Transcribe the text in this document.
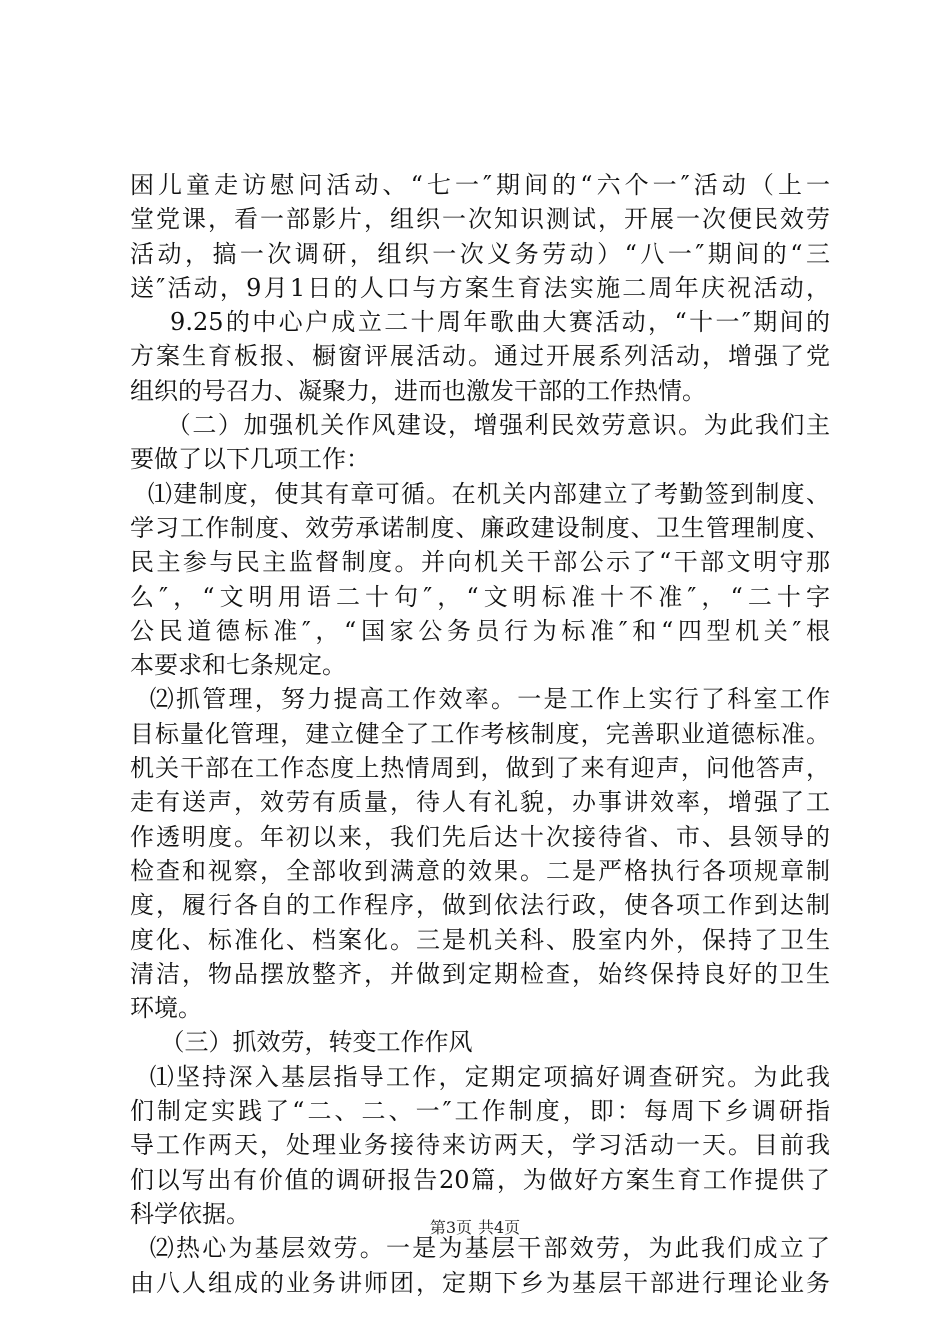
困儿童走访慰问活动、“七一″期间的“六个一″活动（上一
堂党课，看一部影片，组织一次知识测试，开展一次便民效劳
活动，搞一次调研，组织一次义务劳动）“八一″期间的“三
送″活动，9月1日的人口与方案生育法实施二周年庆祝活动，
9.25的中心户成立二十周年歌曲大赛活动，“十一″期间的
方案生育板报、橱窗评展活动。通过开展系列活动，增强了党
组织的号召力、凝聚力，进而也激发干部的工作热情。
（二）加强机关作风建设，增强利民效劳意识。为此我们主
要做了以下几项工作：
⑴建制度，使其有章可循。在机关内部建立了考勤签到制度、
学习工作制度、效劳承诺制度、廉政建设制度、卫生管理制度、
民主参与民主监督制度。并向机关干部公示了“干部文明守那
么″，“文明用语二十句″，“文明标准十不准″，“二十字
公民道德标准″，“国家公务员行为标准″和“四型机关″根
本要求和七条规定。
⑵抓管理，努力提高工作效率。一是工作上实行了科室工作
目标量化管理，建立健全了工作考核制度，完善职业道德标准。
机关干部在工作态度上热情周到，做到了来有迎声，问他答声，
走有送声，效劳有质量，待人有礼貌，办事讲效率，增强了工
作透明度。年初以来，我们先后达十次接待省、市、县领导的
检查和视察，全部收到满意的效果。二是严格执行各项规章制
度，履行各自的工作程序，做到依法行政，使各项工作到达制
度化、标准化、档案化。三是机关科、股室内外，保持了卫生
清洁，物品摆放整齐，并做到定期检查，始终保持良好的卫生
环境。
（三）抓效劳，转变工作作风
⑴坚持深入基层指导工作，定期定项搞好调查研究。为此我
们制定实践了“二、二、一″工作制度，即：每周下乡调研指
导工作两天，处理业务接待来访两天，学习活动一天。目前我
们以写出有价值的调研报告20篇，为做好方案生育工作提供了
科学依据。
⑵热心为基层效劳。一是为基层干部效劳，为此我们成立了
由八人组成的业务讲师团，定期下乡为基层干部进行理论业务
第3页 共4页
